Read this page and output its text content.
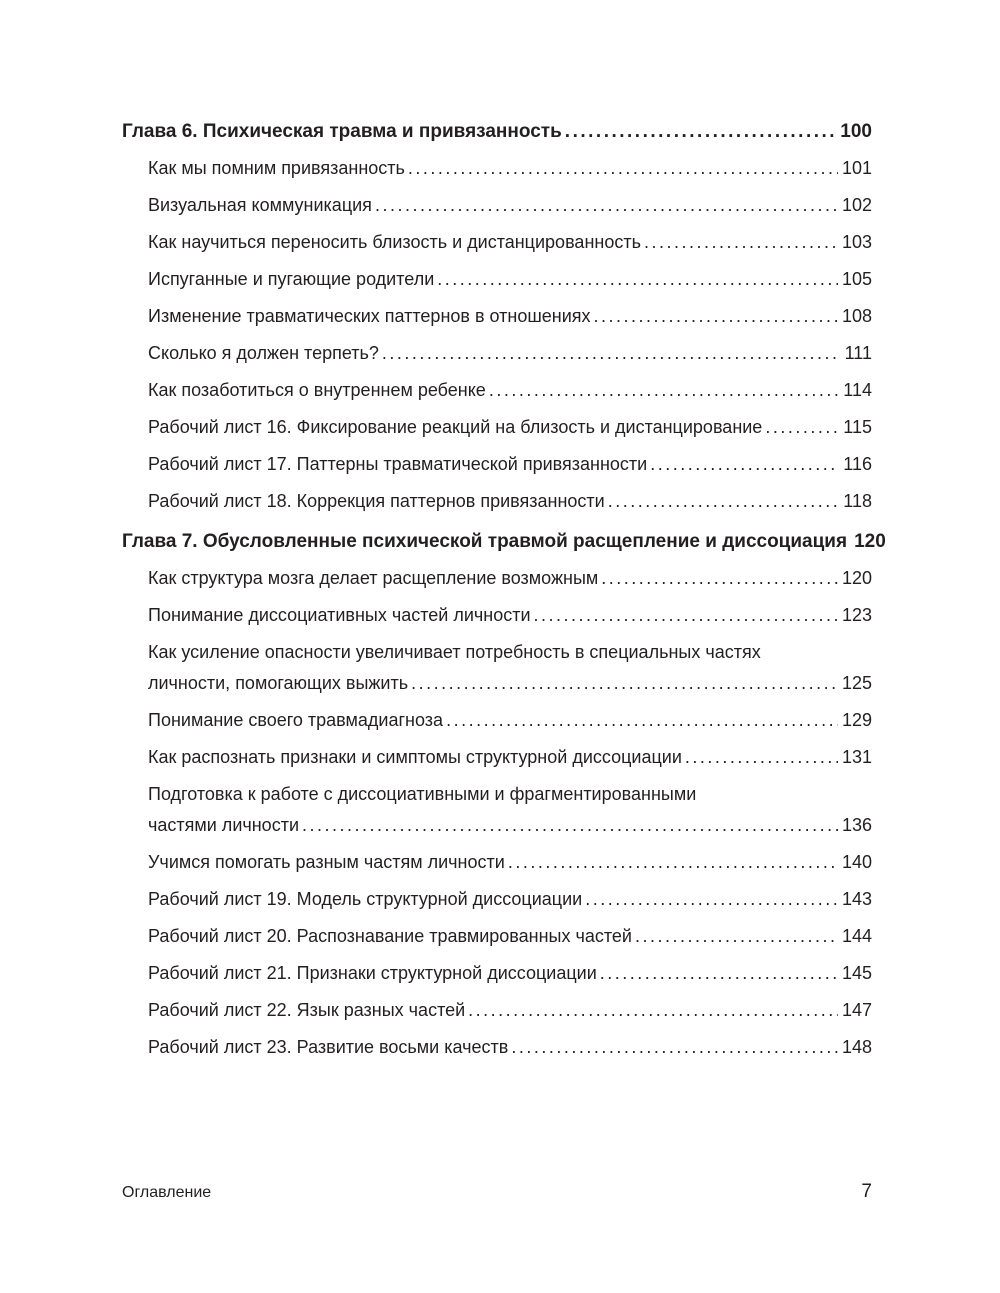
Глава 6. Психическая травма и привязанность .....	100
Как мы помним привязанность .....	101
Визуальная коммуникация .....	102
Как научиться переносить близость и дистанцированность .....	103
Испуганные и пугающие родители .....	105
Изменение травматических паттернов в отношениях .....	108
Сколько я должен терпеть? .....	111
Как позаботиться о внутреннем ребенке .....	114
Рабочий лист 16. Фиксирование реакций на близость и дистанцирование .....	115
Рабочий лист 17. Паттерны травматической привязанности .....	116
Рабочий лист 18. Коррекция паттернов привязанности .....	118
Глава 7. Обусловленные психической травмой расщепление и диссоциация 120
Как структура мозга делает расщепление возможным .....	120
Понимание диссоциативных частей личности .....	123
Как усиление опасности увеличивает потребность в специальных частях
личности, помогающих выжить .....	125
Понимание своего травмадиагноза .....	129
Как распознать признаки и симптомы структурной диссоциации .....	131
Подготовка к работе с диссоциативными и фрагментированными
частями личности .....	136
Учимся помогать разным частям личности .....	140
Рабочий лист 19. Модель структурной диссоциации .....	143
Рабочий лист 20. Распознавание травмированных частей .....	144
Рабочий лист 21. Признаки структурной диссоциации .....	145
Рабочий лист 22. Язык разных частей .....	147
Рабочий лист 23. Развитие восьми качеств .....	148
Оглавление	7
